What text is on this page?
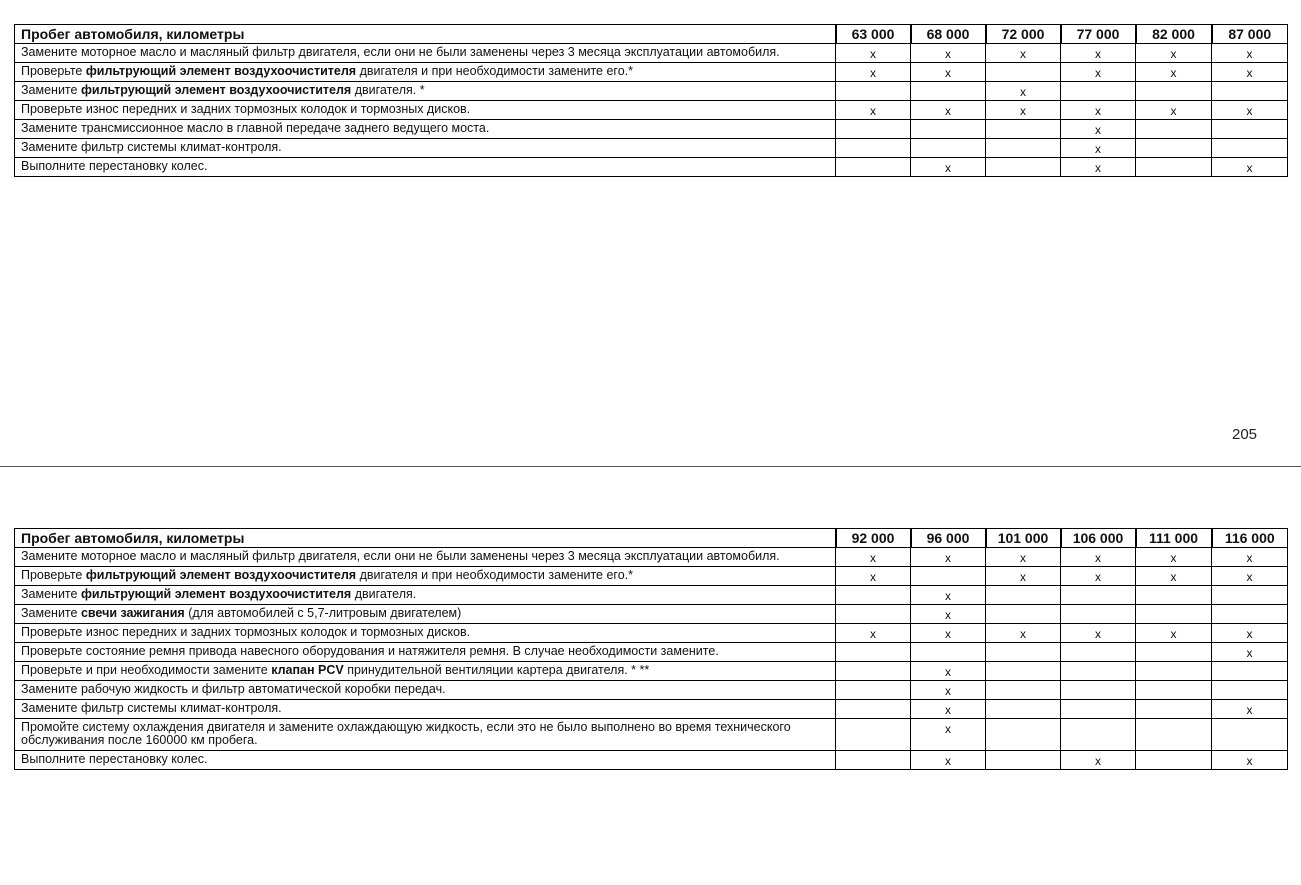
Пробег автомобиля, километры	63 000	68 000	72 000	77 000	82 000	87 000
Замените моторное масло и масляный фильтр двигателя, если они не были заменены через 3 месяца эксплуатации автомобиля.	x	x	x	x	x	x
Проверьте фильтрующий элемент воздухоочистителя двигателя и при необходимости замените его.*	x	x		x	x	x
Замените фильтрующий элемент воздухоочистителя двигателя. *			x			
Проверьте износ передних и задних тормозных колодок и тормозных дисков.	x	x	x	x	x	x
Замените трансмиссионное масло в главной передаче заднего ведущего моста.				x		
Замените фильтр системы климат-контроля.				x		
Выполните перестановку колес.		x		x		x
205
Пробег автомобиля, километры	92 000	96 000	101 000	106 000	111 000	116 000
Замените моторное масло и масляный фильтр двигателя, если они не были заменены через 3 месяца эксплуатации автомобиля.	x	x	x	x	x	x
Проверьте фильтрующий элемент воздухоочистителя двигателя и при необходимости замените его.*	x		x	x	x	x
Замените фильтрующий элемент воздухоочистителя двигателя.		x				
Замените свечи зажигания (для автомобилей с 5,7-литровым двигателем)		x				
Проверьте износ передних и задних тормозных колодок и тормозных дисков.	x	x	x	x	x	x
Проверьте состояние ремня привода навесного оборудования и натяжителя ремня. В случае необходимости замените.						x
Проверьте и при необходимости замените клапан PCV принудительной вентиляции картера двигателя. * **		x				
Замените рабочую жидкость и фильтр автоматической коробки передач.		x				
Замените фильтр системы климат-контроля.		x				x
Промойте систему охлаждения двигателя и замените охлаждающую жидкость, если это не было выполнено во время технического обслуживания после 160000 км пробега.		x				
Выполните перестановку колес.		x		x		x
